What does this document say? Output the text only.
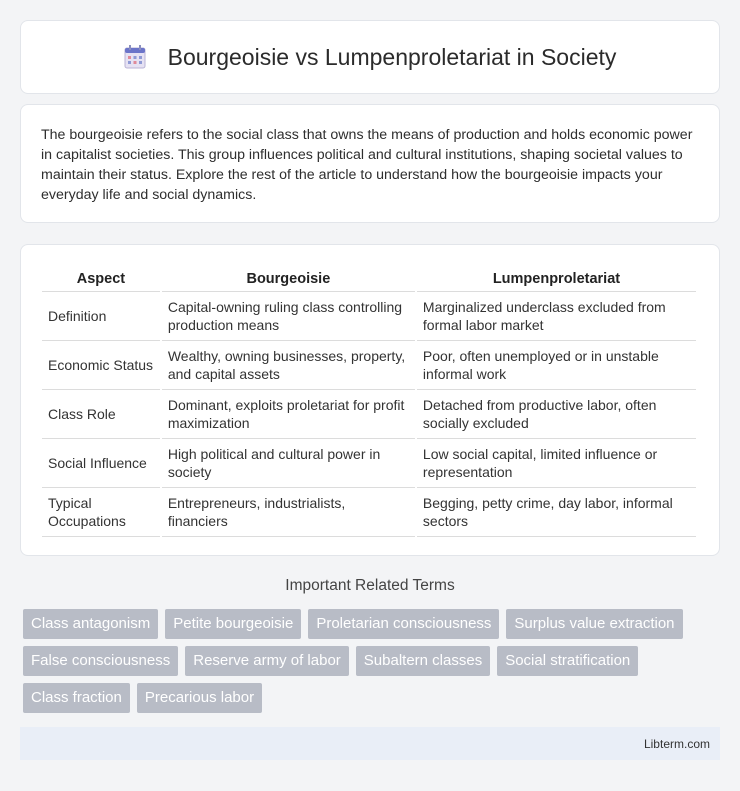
Bourgeoisie vs Lumpenproletariat in Society

The bourgeoisie refers to the social class that owns the means of production and holds economic power in capitalist societies. This group influences political and cultural institutions, shaping societal values to maintain their status. Explore the rest of the article to understand how the bourgeoisie impacts your everyday life and social dynamics.

Aspect	Bourgeoisie	Lumpenproletariat
Definition	Capital-owning ruling class controlling production means	Marginalized underclass excluded from formal labor market
Economic Status	Wealthy, owning businesses, property, and capital assets	Poor, often unemployed or in unstable informal work
Class Role	Dominant, exploits proletariat for profit maximization	Detached from productive labor, often socially excluded
Social Influence	High political and cultural power in society	Low social capital, limited influence or representation
Typical Occupations	Entrepreneurs, industrialists, financiers	Begging, petty crime, day labor, informal sectors
Important Related Terms
Class antagonism	Petite bourgeoisie	Proletarian consciousness	Surplus value extraction
False consciousness	Reserve army of labor	Subaltern classes	Social stratification
Class fraction	Precarious labor
Libterm.com
